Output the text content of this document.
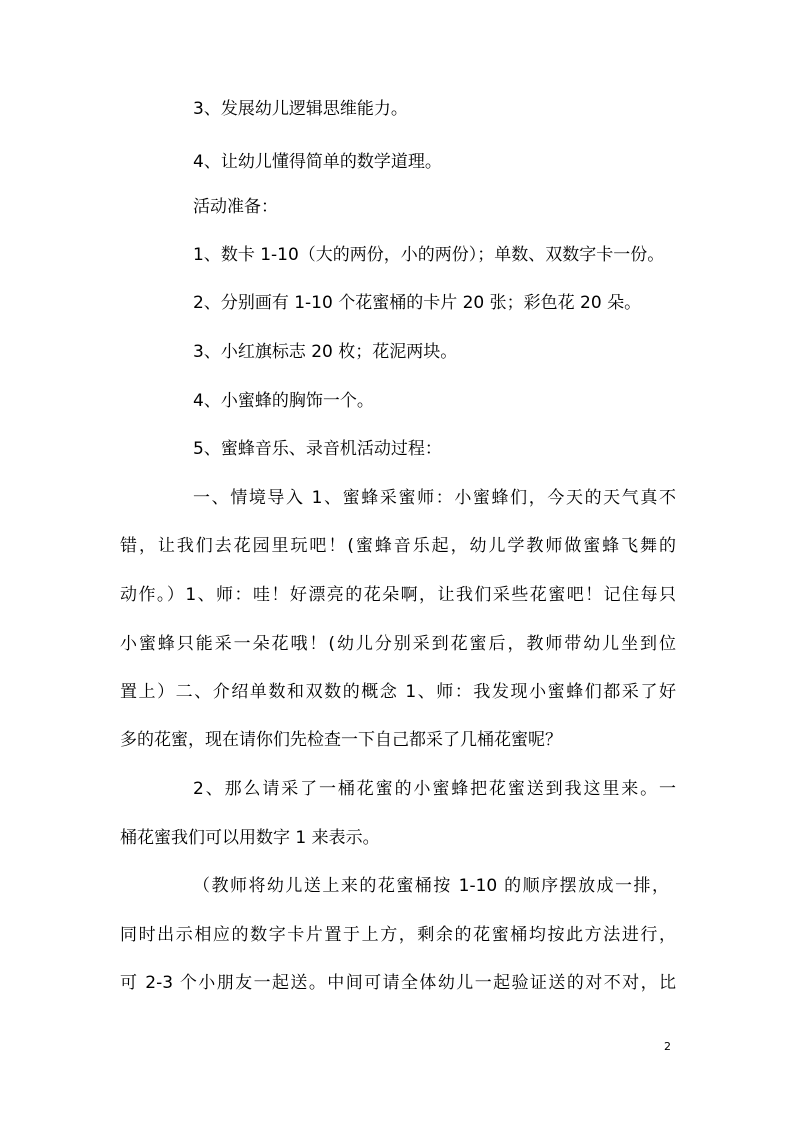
3、发展幼儿逻辑思维能力。
4、让幼儿懂得简单的数学道理。
活动准备：
1、数卡 1-10（大的两份，小的两份）；单数、双数字卡一份。
2、分别画有 1-10 个花蜜桶的卡片 20 张；彩色花 20 朵。
3、小红旗标志 20 枚；花泥两块。
4、小蜜蜂的胸饰一个。
5、蜜蜂音乐、录音机活动过程：
一、情境导入 1、蜜蜂采蜜师：小蜜蜂们，今天的天气真不
错，让我们去花园里玩吧！(蜜蜂音乐起，幼儿学教师做蜜蜂飞舞的
动作。）1、师：哇！好漂亮的花朵啊，让我们采些花蜜吧！记住每只
小蜜蜂只能采一朵花哦！(幼儿分别采到花蜜后，教师带幼儿坐到位
置上）二、介绍单数和双数的概念 1、师：我发现小蜜蜂们都采了好
多的花蜜，现在请你们先检查一下自己都采了几桶花蜜呢？
2、那么请采了一桶花蜜的小蜜蜂把花蜜送到我这里来。一
桶花蜜我们可以用数字 1 来表示。
（教师将幼儿送上来的花蜜桶按 1-10 的顺序摆放成一排，
同时出示相应的数字卡片置于上方，剩余的花蜜桶均按此方法进行，
可 2-3 个小朋友一起送。中间可请全体幼儿一起验证送的对不对，比
2
